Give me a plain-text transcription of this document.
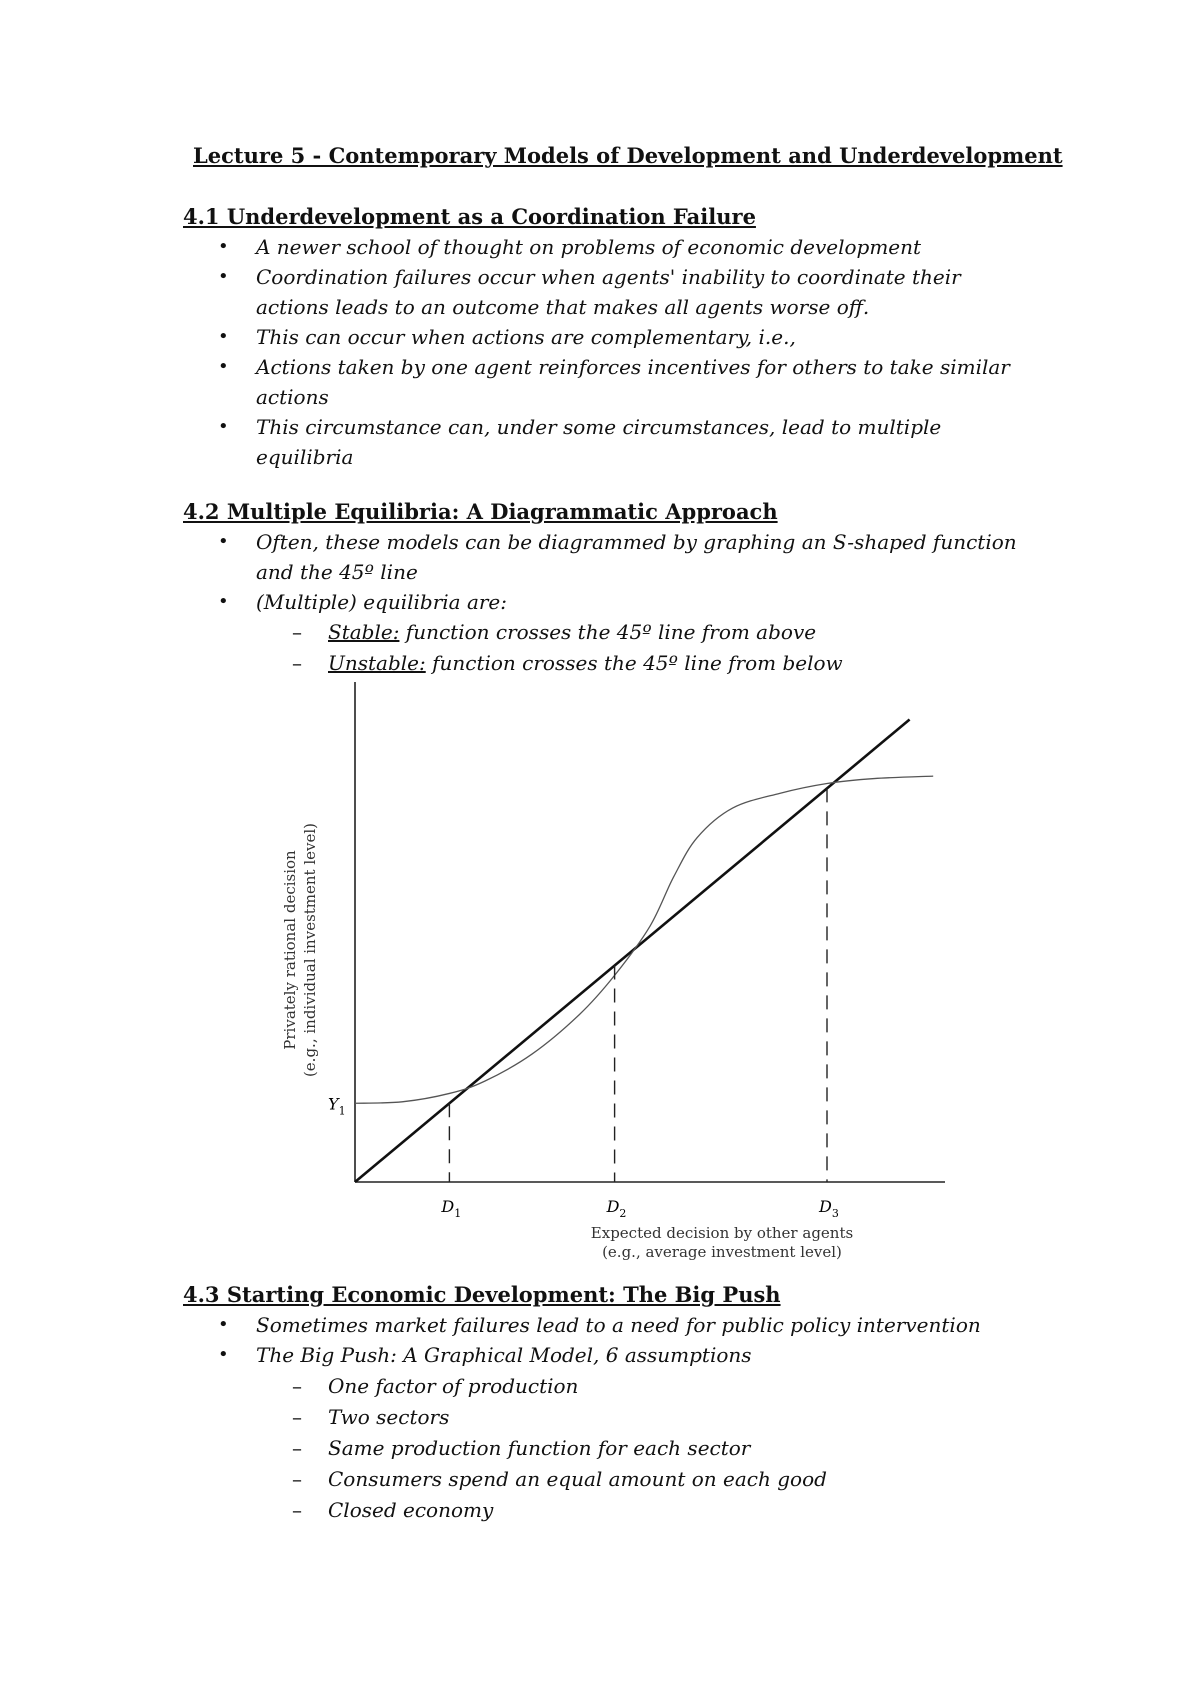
Lecture 5 - Contemporary Models of Development and Underdevelopment
4.1 Underdevelopment as a Coordination Failure
• A newer school of thought on problems of economic development
• Coordination failures occur when agents' inability to coordinate their
actions leads to an outcome that makes all agents worse off.
• This can occur when actions are complementary, i.e.,
• Actions taken by one agent reinforces incentives for others to take similar
actions
• This circumstance can, under some circumstances, lead to multiple
equilibria
4.2 Multiple Equilibria: A Diagrammatic Approach
• Often, these models can be diagrammed by graphing an S-shaped function
and the 45º line
• (Multiple) equilibria are:
– Stable: function crosses the 45º line from above
– Unstable: function crosses the 45º line from below
$D_1$	$D_2$	$D_3$
$Y_1$
Expected decision by other agents
(e.g., average investment level)
Privately rational decision (e.g., individual investment level)
4.3 Starting Economic Development: The Big Push
• Sometimes market failures lead to a need for public policy intervention
• The Big Push: A Graphical Model, 6 assumptions
– One factor of production
– Two sectors
– Same production function for each sector
– Consumers spend an equal amount on each good
– Closed economy
